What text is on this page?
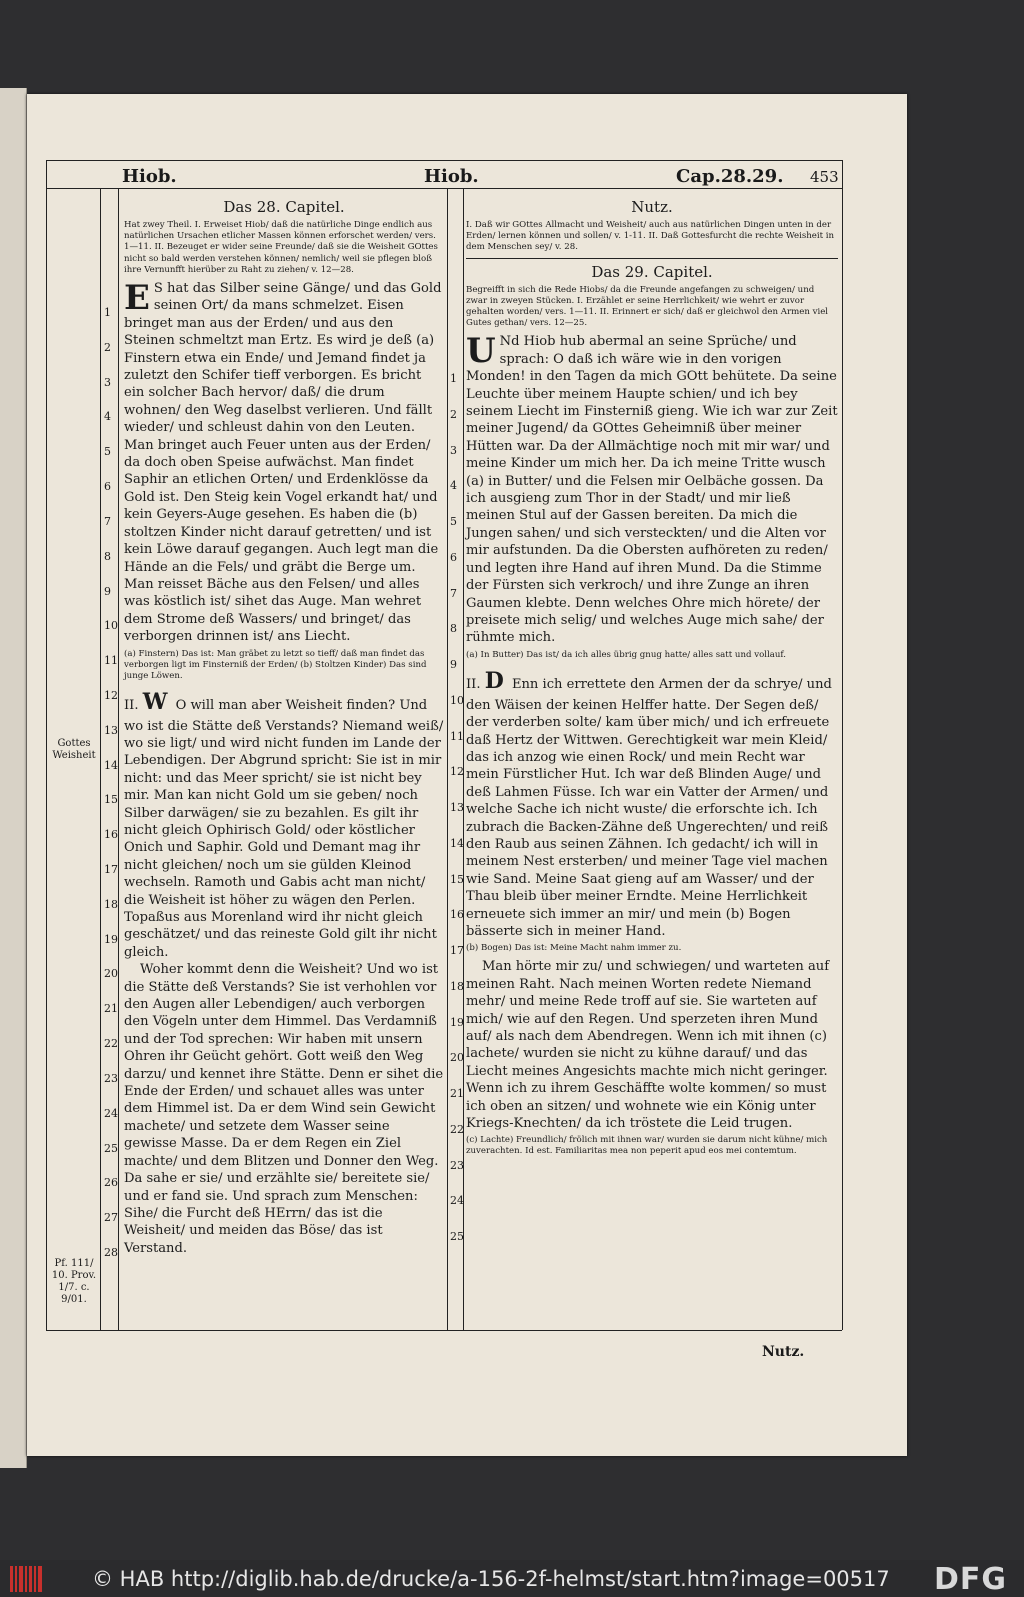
Hiob.	Hiob.	Cap.28.29. 453
Das 28. Capitel.

Hat zwey Theil. I. Erweiset Hiob/ daß die natürliche Dinge endlich aus natürlichen Ursachen etlicher Massen können erforschet werden/ vers. 1—11. II. Bezeuget er wider seine Freunde/ daß sie die Weisheit GOttes nicht so bald werden verstehen können/ nemlich/ weil sie pflegen bloß ihre Vernunfft hierüber zu Raht zu ziehen/ v. 12—28.

E S hat das Silber seine Gänge/ und das Gold seinen Ort/ da mans schmelzet. Eisen bringet man aus der Erden/ und aus den Steinen schmeltzt man Ertz. Es wird je deß (a) Finstern etwa ein Ende/ und Jemand findet ja zuletzt den Schifer tieff verborgen. Es bricht ein solcher Bach hervor/ daß/ die drum wohnen/ den Weg daselbst verlieren. Und fällt wieder/ und schleust dahin von den Leuten. Man bringet auch Feuer unten aus der Erden/ da doch oben Speise aufwächst. Man findet Saphir an etlichen Orten/ und Erdenklösse da Gold ist. Den Steig kein Vogel erkandt hat/ und kein Geyers-Auge gesehen. Es haben die (b) stoltzen Kinder nicht darauf getretten/ und ist kein Löwe darauf gegangen. Auch legt man die Hände an die Fels/ und gräbt die Berge um. Man reisset Bäche aus den Felsen/ und alles was köstlich ist/ sihet das Auge. Man wehret dem Strome deß Wassers/ und bringet/ das verborgen drinnen ist/ ans Liecht.

(a) Finstern) Das ist: Man gräbet zu letzt so tieff/ daß man findet das verborgen ligt im Finsterniß der Erden/ (b) Stoltzen Kinder) Das sind junge Löwen.

II. W O will man aber Weisheit finden? Und wo ist die Stätte deß Verstands? Niemand weiß/ wo sie ligt/ und wird nicht funden im Lande der Lebendigen. Der Abgrund spricht: Sie ist in mir nicht: und das Meer spricht/ sie ist nicht bey mir. Man kan nicht Gold um sie geben/ noch Silber darwägen/ sie zu bezahlen. Es gilt ihr nicht gleich Ophirisch Gold/ oder köstlicher Onich und Saphir. Gold und Demant mag ihr nicht gleichen/ noch um sie gülden Kleinod wechseln. Ramoth und Gabis acht man nicht/ die Weisheit ist höher zu wägen den Perlen. Topaßus aus Morenland wird ihr nicht gleich geschätzet/ und das reineste Gold gilt ihr nicht gleich.

Woher kommt denn die Weisheit? Und wo ist die Stätte deß Verstands? Sie ist verhohlen vor den Augen aller Lebendigen/ auch verborgen den Vögeln unter dem Himmel. Das Verdamniß und der Tod sprechen: Wir haben mit unsern Ohren ihr Geücht gehört. Gott weiß den Weg darzu/ und kennet ihre Stätte. Denn er sihet die Ende der Erden/ und schauet alles was unter dem Himmel ist. Da er dem Wind sein Gewicht machete/ und setzete dem Wasser seine gewisse Masse. Da er dem Regen ein Ziel machte/ und dem Blitzen und Donner den Weg. Da sahe er sie/ und erzählte sie/ bereitete sie/ und er fand sie. Und sprach zum Menschen: Sihe/ die Furcht deß HErrn/ das ist die Weisheit/ und meiden das Böse/ das ist Verstand.

Nutz.

I. Daß wir GOttes Allmacht und Weisheit/ auch aus natürlichen Dingen unten in der Erden/ lernen können und sollen/ v. 1-11. II. Daß Gottesfurcht die rechte Weisheit in dem Menschen sey/ v. 28.

Das 29. Capitel.

Begreifft in sich die Rede Hiobs/ da die Freunde angefangen zu schweigen/ und zwar in zweyen Stücken. I. Erzählet er seine Herrlichkeit/ wie wehrt er zuvor gehalten worden/ vers. 1—11. II. Erinnert er sich/ daß er gleichwol den Armen viel Gutes gethan/ vers. 12—25.

U Nd Hiob hub abermal an seine Sprüche/ und sprach: O daß ich wäre wie in den vorigen Monden! in den Tagen da mich GOtt behütete. Da seine Leuchte über meinem Haupte schien/ und ich bey seinem Liecht im Finsterniß gieng. Wie ich war zur Zeit meiner Jugend/ da GOttes Geheimniß über meiner Hütten war. Da der Allmächtige noch mit mir war/ und meine Kinder um mich her. Da ich meine Tritte wusch (a) in Butter/ und die Felsen mir Oelbäche gossen. Da ich ausgieng zum Thor in der Stadt/ und mir ließ meinen Stul auf der Gassen bereiten. Da mich die Jungen sahen/ und sich versteckten/ und die Alten vor mir aufstunden. Da die Obersten aufhöreten zu reden/ und legten ihre Hand auf ihren Mund. Da die Stimme der Fürsten sich verkroch/ und ihre Zunge an ihren Gaumen klebte. Denn welches Ohre mich hörete/ der preisete mich selig/ und welches Auge mich sahe/ der rühmte mich.

(a) In Butter) Das ist/ da ich alles übrig gnug hatte/ alles satt und vollauf.

II. D Enn ich errettete den Armen der da schrye/ und den Wäisen der keinen Helffer hatte. Der Segen deß/ der verderben solte/ kam über mich/ und ich erfreuete daß Hertz der Wittwen. Gerechtigkeit war mein Kleid/ das ich anzog wie einen Rock/ und mein Recht war mein Fürstlicher Hut. Ich war deß Blinden Auge/ und deß Lahmen Füsse. Ich war ein Vatter der Armen/ und welche Sache ich nicht wuste/ die erforschte ich. Ich zubrach die Backen-Zähne deß Ungerechten/ und reiß den Raub aus seinen Zähnen. Ich gedacht/ ich will in meinem Nest ersterben/ und meiner Tage viel machen wie Sand. Meine Saat gieng auf am Wasser/ und der Thau bleib über meiner Erndte. Meine Herrlichkeit erneuete sich immer an mir/ und mein (b) Bogen bässerte sich in meiner Hand.

(b) Bogen) Das ist: Meine Macht nahm immer zu.

Man hörte mir zu/ und schwiegen/ und warteten auf meinen Raht. Nach meinen Worten redete Niemand mehr/ und meine Rede troff auf sie. Sie warteten auf mich/ wie auf den Regen. Und sperzeten ihren Mund auf/ als nach dem Abendregen. Wenn ich mit ihnen (c) lachete/ wurden sie nicht zu kühne darauf/ und das Liecht meines Angesichts machte mich nicht geringer. Wenn ich zu ihrem Geschäffte wolte kommen/ so must ich oben an sitzen/ und wohnete wie ein König unter Kriegs-Knechten/ da ich tröstete die Leid trugen.

(c) Lachte) Freundlich/ frölich mit ihnen war/ wurden sie darum nicht kühne/ mich zuverachten. Id est. Familiaritas mea non peperit apud eos mei contemtum.

1
2
3
4
5
6
7
8
9
10
11
12
13
14
15
16
17
18
19
20
21
22
23
24
25
26
27
28
1
2
3
4
5
6
7
8
9
10
11
12
13
14
15
16
17
18
19
20
21
22
23
24
25
Gottes Weisheit
Pf. 111/ 10. Prov. 1/7. c. 9/01.
Nutz.
© HAB http://diglib.hab.de/drucke/a-156-2f-helmst/start.htm?image=00517 DFG
